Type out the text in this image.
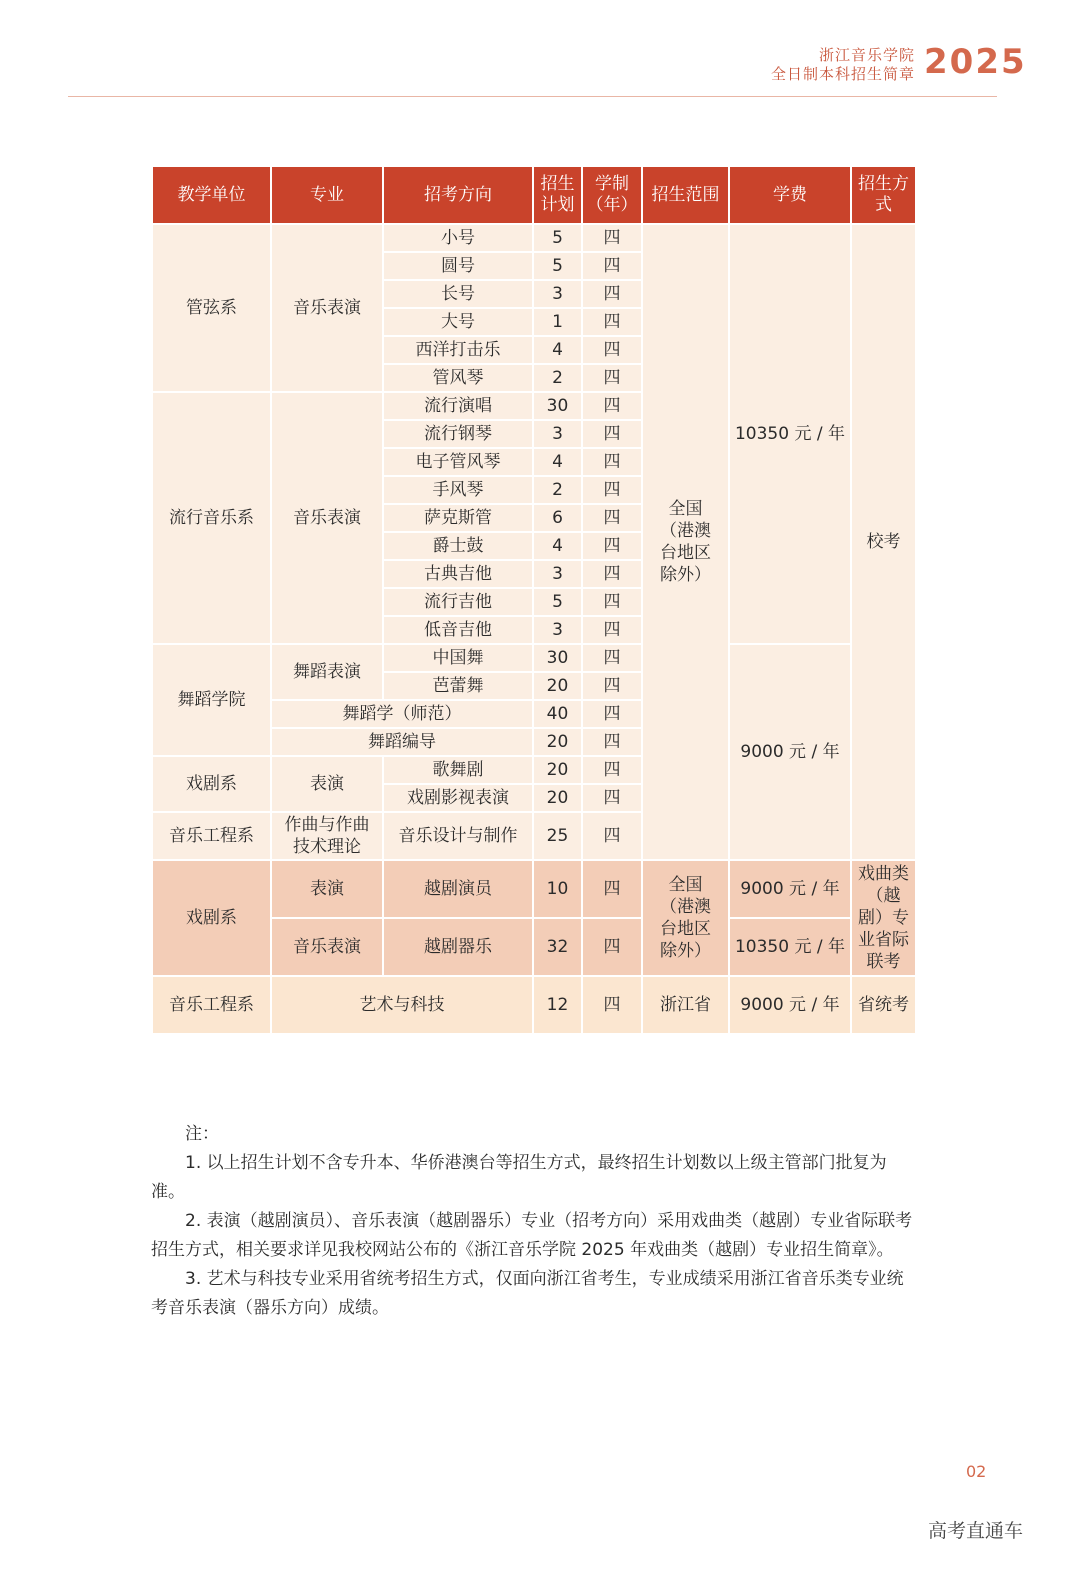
浙江音乐学院
全日制本科招生简章 2025
教学单位	专业	招考方向	招生计划	学制（年）	招生范围	学费	招生方式
管弦系	音乐表演	小号	5	四	全国（港澳台地区除外）	10350 元 / 年	校考
		圆号	5	四			
		长号	3	四			
		大号	1	四			
		西洋打击乐	4	四			
		管风琴	2	四			
流行音乐系	音乐表演	流行演唱	30	四			
		流行钢琴	3	四			
		电子管风琴	4	四			
		手风琴	2	四			
		萨克斯管	6	四			
		爵士鼓	4	四			
		古典吉他	3	四			
		流行吉他	5	四			
		低音吉他	3	四			
舞蹈学院	舞蹈表演	中国舞	30	四		9000 元 / 年	
		芭蕾舞	20	四			
	舞蹈学（师范）		40	四			
	舞蹈编导		20	四			
戏剧系	表演	歌舞剧	20	四			
		戏剧影视表演	20	四			
音乐工程系	作曲与作曲技术理论	音乐设计与制作	25	四			
戏剧系	表演	越剧演员	10	四	全国（港澳台地区除外）	9000 元 / 年	戏曲类（越剧）专业省际联考

	音乐表演	越剧器乐	32	四		10350 元 / 年	
音乐工程系	艺术与科技		12	四	浙江省	9000 元 / 年	省统考
注：

1. 以上招生计划不含专升本、华侨港澳台等招生方式，最终招生计划数以上级主管部门批复为准。

2. 表演（越剧演员）、音乐表演（越剧器乐）专业（招考方向）采用戏曲类（越剧）专业省际联考招生方式，相关要求详见我校网站公布的《浙江音乐学院 2025 年戏曲类（越剧）专业招生简章》。

3. 艺术与科技专业采用省统考招生方式，仅面向浙江省考生，专业成绩采用浙江省音乐类专业统考音乐表演（器乐方向）成绩。

02
高考直通车
